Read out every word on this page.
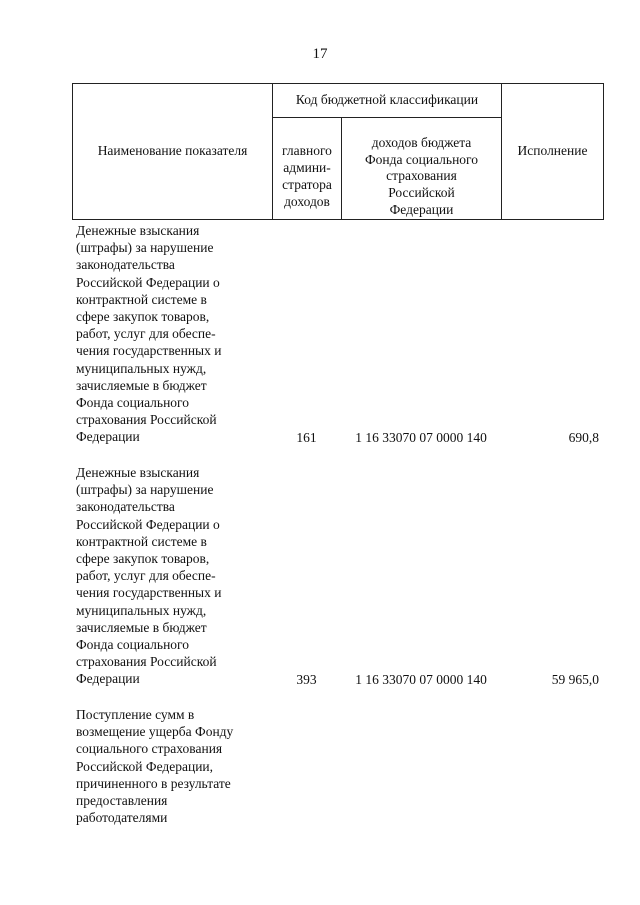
17
Наименование показателя	Код бюджетной классификации		Исполнение

главного
админи-
стратора
доходов	доходов бюджета
Фонда социального
страхования
Российской
Федерации	

Денежные взыскания
(штрафы) за нарушение
законодательства
Российской Федерации о
контрактной системе в
сфере закупок товаров,
работ, услуг для обеспе-
чения государственных и
муниципальных нужд,
зачисляемые в бюджет
Фонда социального
страхования Российской
Федерации	161	1 16 33070 07 0000 140	690,8
Денежные взыскания
(штрафы) за нарушение
законодательства
Российской Федерации о
контрактной системе в
сфере закупок товаров,
работ, услуг для обеспе-
чения государственных и
муниципальных нужд,
зачисляемые в бюджет
Фонда социального
страхования Российской
Федерации	393	1 16 33070 07 0000 140	59 965,0
Поступление сумм в
возмещение ущерба Фонду
социального страхования
Российской Федерации,
причиненного в результате
предоставления
работодателями
